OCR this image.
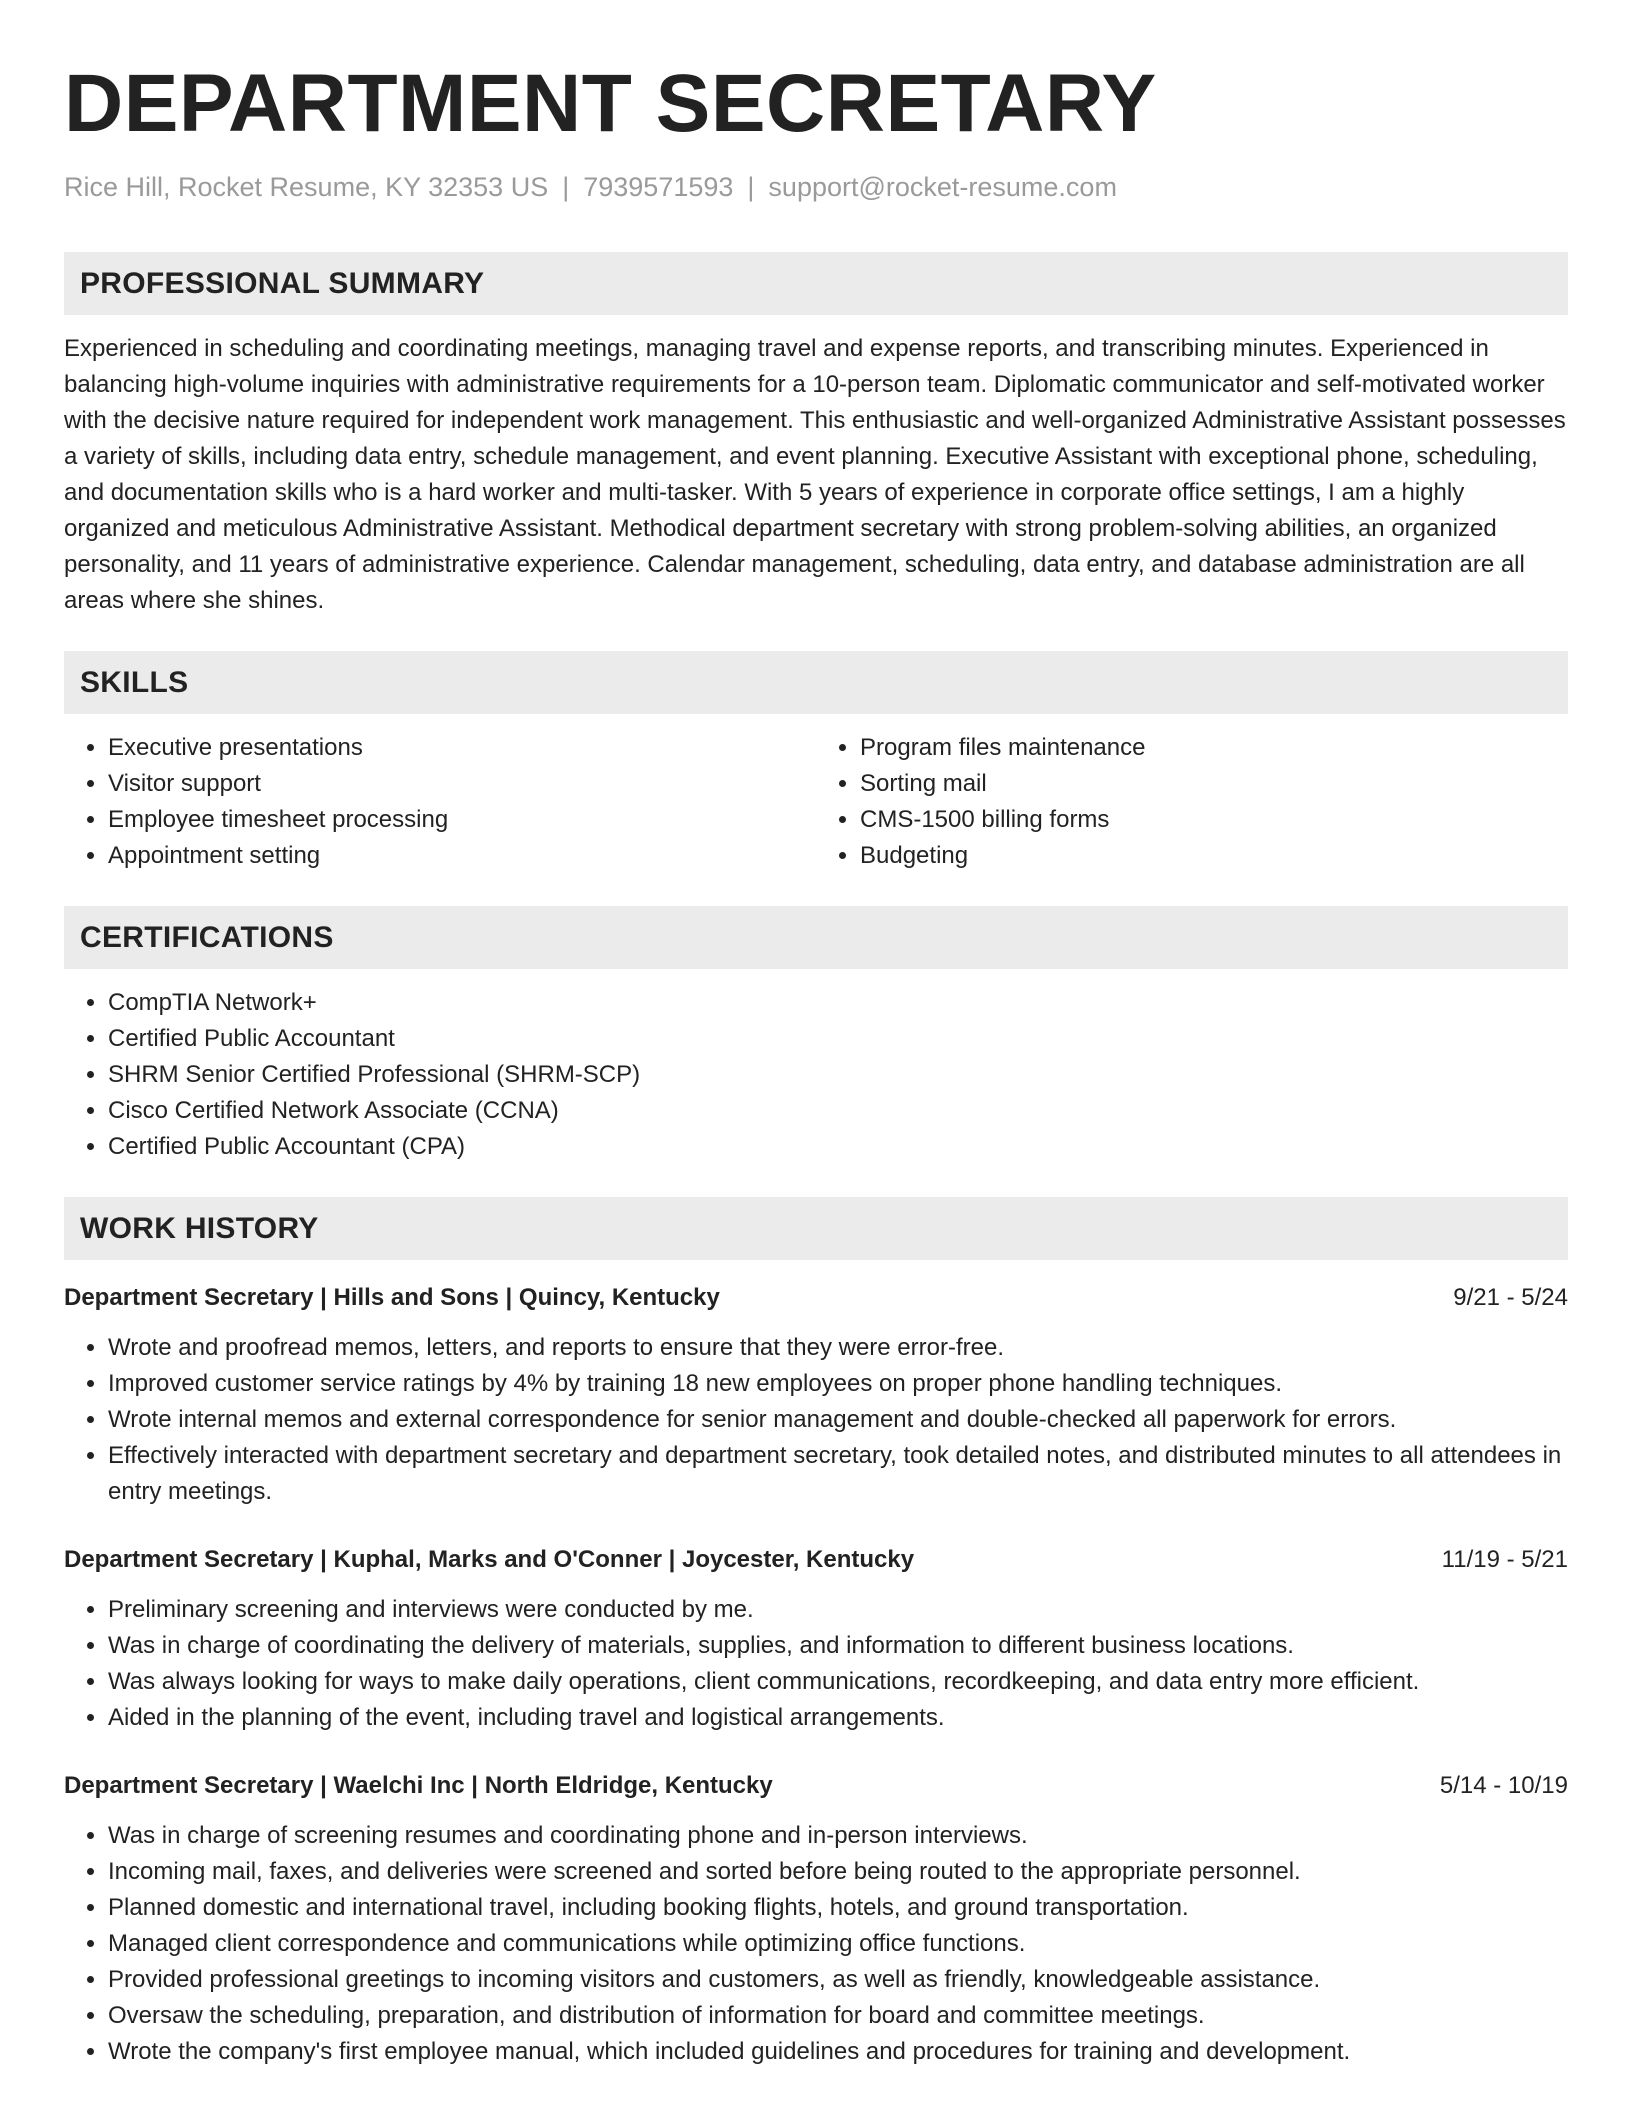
DEPARTMENT SECRETARY
Rice Hill, Rocket Resume, KY 32353 US | 7939571593 | support@rocket-resume.com
PROFESSIONAL SUMMARY

Experienced in scheduling and coordinating meetings, managing travel and expense reports, and transcribing minutes. Experienced in balancing high-volume inquiries with administrative requirements for a 10-person team. Diplomatic communicator and self-motivated worker with the decisive nature required for independent work management. This enthusiastic and well-organized Administrative Assistant possesses a variety of skills, including data entry, schedule management, and event planning. Executive Assistant with exceptional phone, scheduling, and documentation skills who is a hard worker and multi-tasker. With 5 years of experience in corporate office settings, I am a highly organized and meticulous Administrative Assistant. Methodical department secretary with strong problem-solving abilities, an organized personality, and 11 years of administrative experience. Calendar management, scheduling, data entry, and database administration are all areas where she shines.

SKILLS
• Executive presentations
• Visitor support
• Employee timesheet processing
• Appointment setting
• Program files maintenance
• Sorting mail
• CMS-1500 billing forms
• Budgeting
CERTIFICATIONS
• CompTIA Network+
• Certified Public Accountant
• SHRM Senior Certified Professional (SHRM-SCP)
• Cisco Certified Network Associate (CCNA)
• Certified Public Accountant (CPA)
WORK HISTORY
Department Secretary | Hills and Sons | Quincy, Kentucky	9/21 - 5/24
• Wrote and proofread memos, letters, and reports to ensure that they were error-free.
• Improved customer service ratings by 4% by training 18 new employees on proper phone handling techniques.
• Wrote internal memos and external correspondence for senior management and double-checked all paperwork for errors.
• Effectively interacted with department secretary and department secretary, took detailed notes, and distributed minutes to all attendees in entry meetings.
Department Secretary | Kuphal, Marks and O'Conner | Joycester, Kentucky	11/19 - 5/21
• Preliminary screening and interviews were conducted by me.
• Was in charge of coordinating the delivery of materials, supplies, and information to different business locations.
• Was always looking for ways to make daily operations, client communications, recordkeeping, and data entry more efficient.
• Aided in the planning of the event, including travel and logistical arrangements.
Department Secretary | Waelchi Inc | North Eldridge, Kentucky	5/14 - 10/19
• Was in charge of screening resumes and coordinating phone and in-person interviews.
• Incoming mail, faxes, and deliveries were screened and sorted before being routed to the appropriate personnel.
• Planned domestic and international travel, including booking flights, hotels, and ground transportation.
• Managed client correspondence and communications while optimizing office functions.
• Provided professional greetings to incoming visitors and customers, as well as friendly, knowledgeable assistance.
• Oversaw the scheduling, preparation, and distribution of information for board and committee meetings.
• Wrote the company's first employee manual, which included guidelines and procedures for training and development.
